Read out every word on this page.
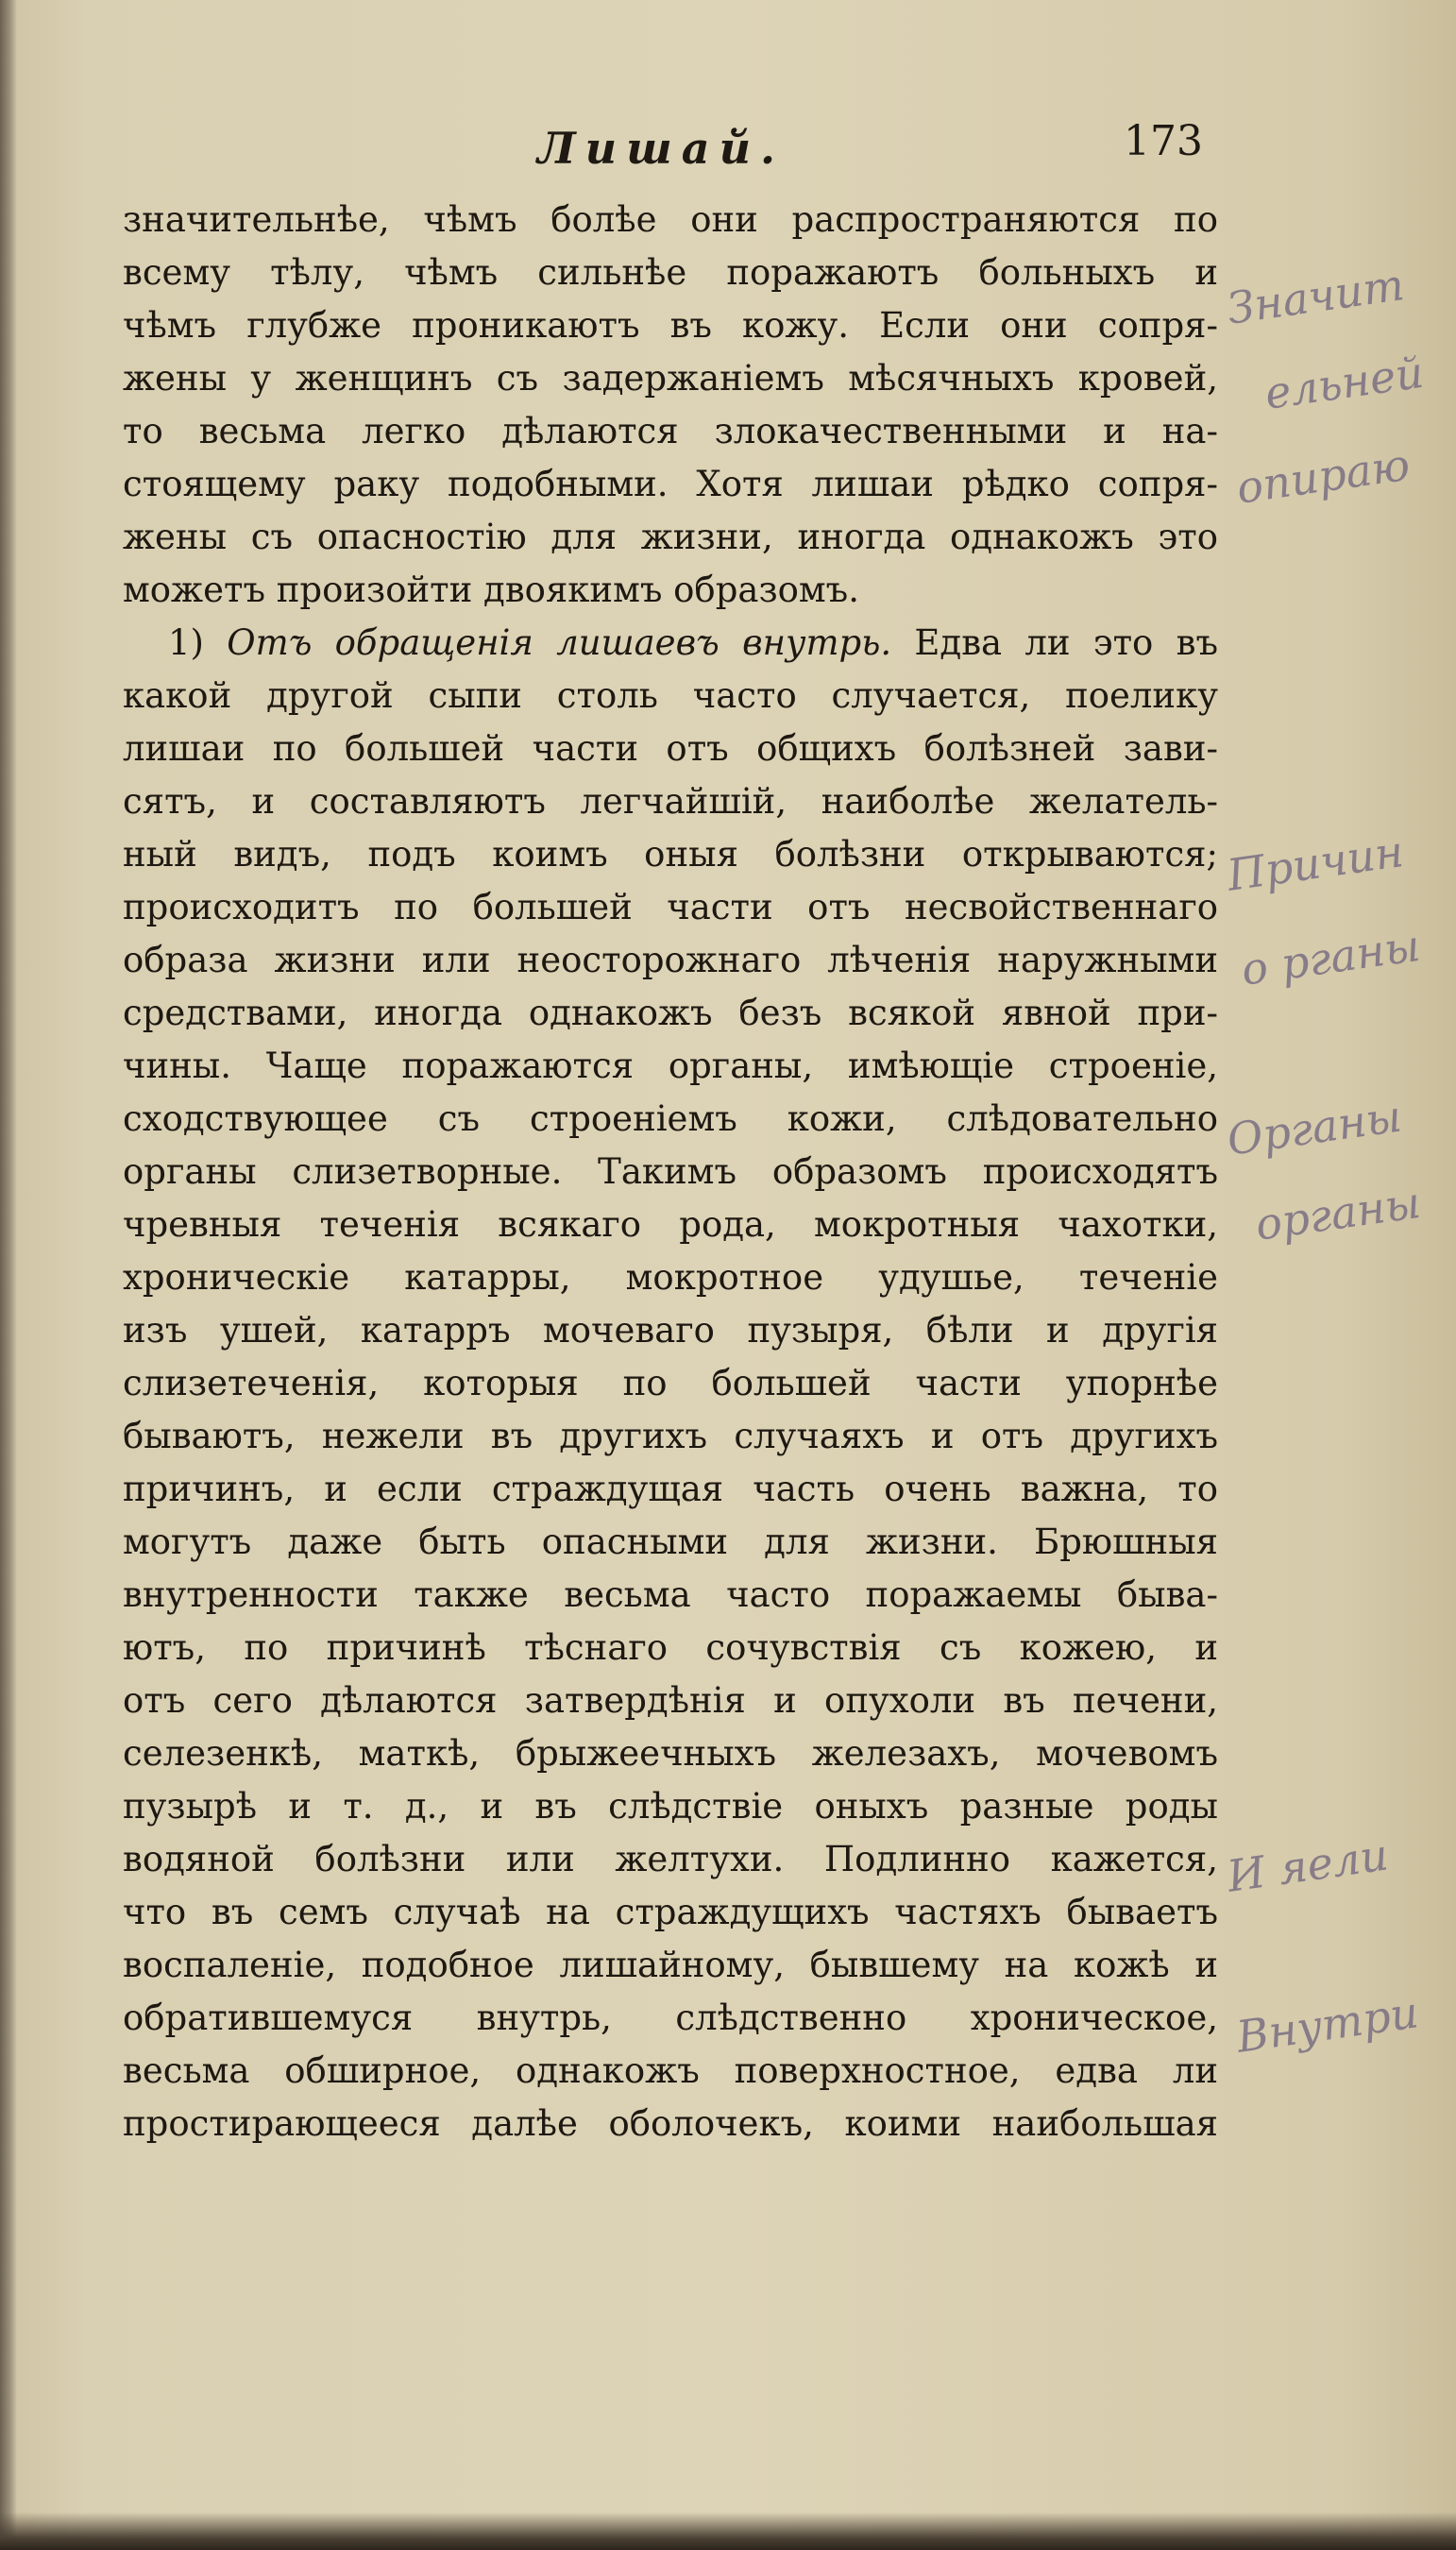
Лишай.	173
значительнѣе, чѣмъ болѣе они распространяются по
всему тѣлу, чѣмъ сильнѣе поражаютъ больныхъ и
чѣмъ глубже проникаютъ въ кожу. Если они сопря-
жены у женщинъ съ задержаніемъ мѣсячныхъ кровей,
то весьма легко дѣлаются злокачественными и на-
стоящему раку подобными. Хотя лишаи рѣдко сопря-
жены съ опасностію для жизни, иногда однакожъ это
можетъ произойти двоякимъ образомъ.
1) Отъ обращенія лишаевъ внутрь. Едва ли это въ
какой другой сыпи столь часто случается, поелику
лишаи по большей части отъ общихъ болѣзней зави-
сятъ, и составляютъ легчайшій, наиболѣе желатель-
ный видъ, подъ коимъ оныя болѣзни открываются;
происходитъ по большей части отъ несвойственнаго
образа жизни или неосторожнаго лѣченія наружными
средствами, иногда однакожъ безъ всякой явной при-
чины. Чаще поражаются органы, имѣющіе строеніе,
сходствующее съ строеніемъ кожи, слѣдовательно
органы слизетворные. Такимъ образомъ происходятъ
чревныя теченія всякаго рода, мокротныя чахотки,
хроническіе катарры, мокротное удушье, теченіе
изъ ушей, катарръ мочеваго пузыря, бѣли и другія
слизетеченія, которыя по большей части упорнѣе
бываютъ, нежели въ другихъ случаяхъ и отъ другихъ
причинъ, и если страждущая часть очень важна, то
могутъ даже быть опасными для жизни. Брюшныя
внутренности также весьма часто поражаемы быва-
ютъ, по причинѣ тѣснаго сочувствія съ кожею, и
отъ сего дѣлаются затвердѣнія и опухоли въ печени,
селезенкѣ, маткѣ, брыжеечныхъ железахъ, мочевомъ
пузырѣ и т. д., и въ слѣдствіе оныхъ разные роды
водяной болѣзни или желтухи. Подлинно кажется,
что въ семъ случаѣ на страждущихъ частяхъ бываетъ
воспаленіе, подобное лишайному, бывшему на кожѣ и
обратившемуся внутрь, слѣдственно хроническое,
весьма обширное, однакожъ поверхностное, едва ли
простирающееся далѣе оболочекъ, коими наибольшая
Значит
ельней
опираю
Причин
о рганы
Органы
органы
И яели
Внутри
